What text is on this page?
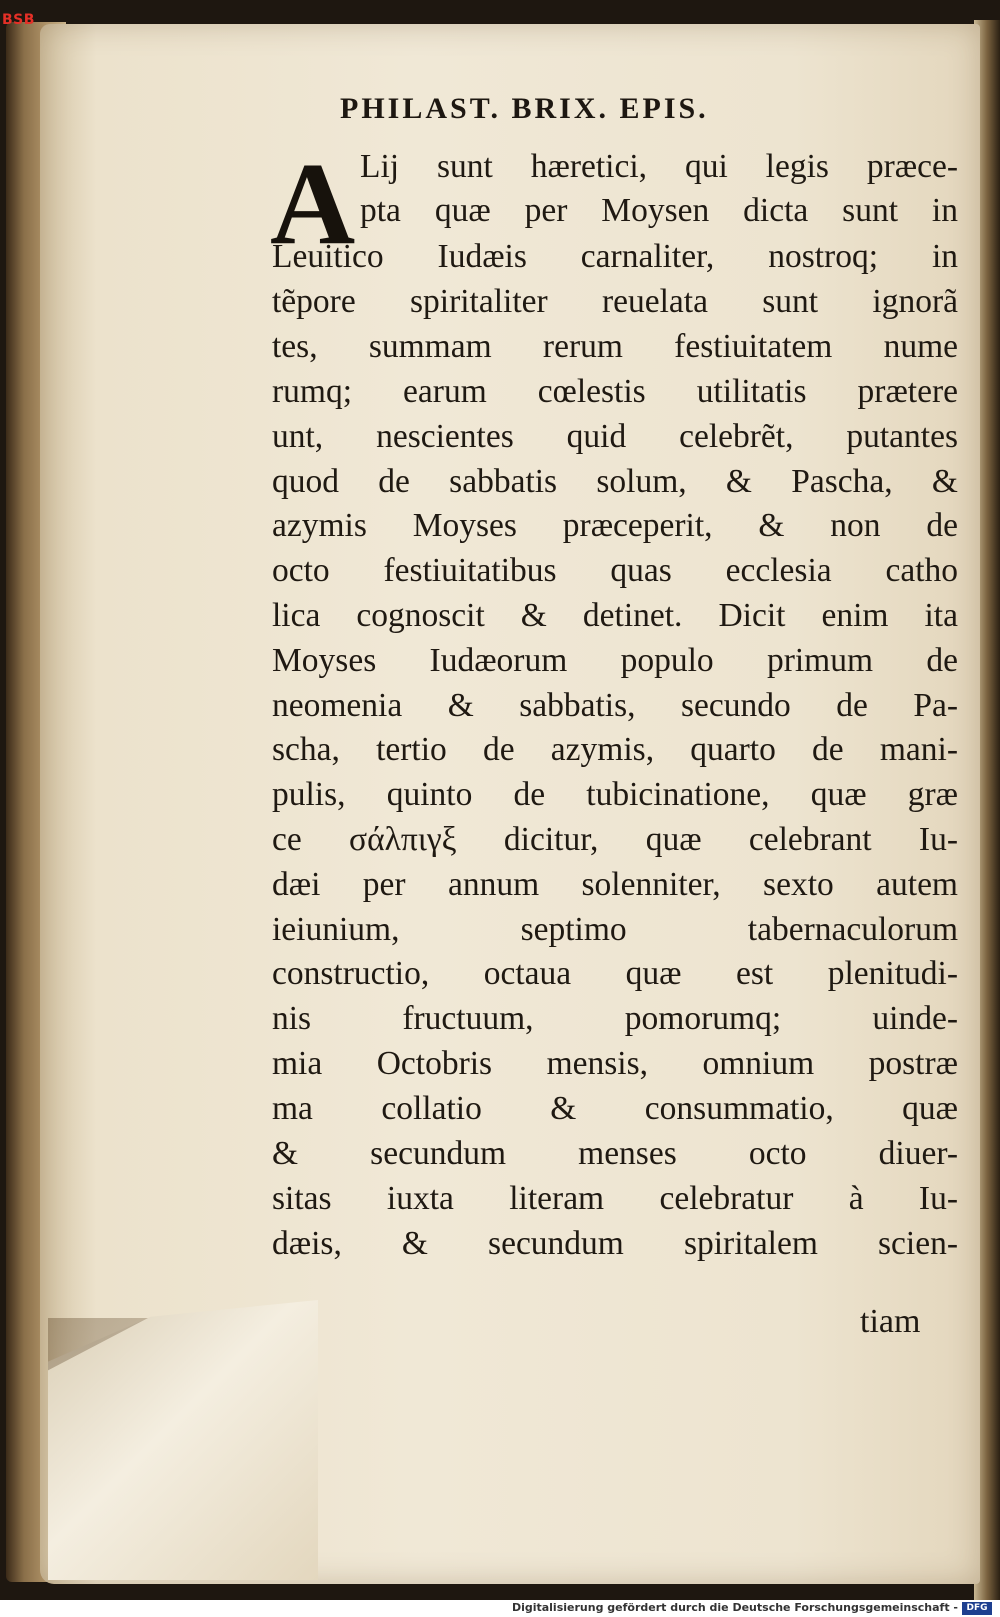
BSB
PHILAST. BRIX. EPIS.
A Lij sunt hæretici, qui legis præce-
pta quæ per Moysen dicta sunt in
Leuitico Iudæis carnaliter, nostroq; in
tẽpore spiritaliter reuelata sunt ignorã
tes, summam rerum festiuitatem nume
rumq; earum cœlestis utilitatis prætere
unt, nescientes quid celebrẽt, putantes
quod de sabbatis solum, & Pascha, &
azymis Moyses præceperit, & non de
octo festiuitatibus quas ecclesia catho
lica cognoscit & detinet. Dicit enim ita
Moyses Iudæorum populo primum de
neomenia & sabbatis, secundo de Pa-
scha, tertio de azymis, quarto de mani-
pulis, quinto de tubicinatione, quæ græ
ce σάλπιγξ dicitur, quæ celebrant Iu-
dæi per annum solenniter, sexto autem
ieiunium, septimo tabernaculorum
constructio, octaua quæ est plenitudi-
nis fructuum, pomorumq; uinde-
mia Octobris mensis, omnium postræ
ma collatio & consummatio, quæ
& secundum menses octo diuer-
sitas iuxta literam celebratur à Iu-
dæis, & secundum spiritalem scien-
tiam
Digitalisierung gefördert durch die Deutsche Forschungsgemeinschaft - DFG
